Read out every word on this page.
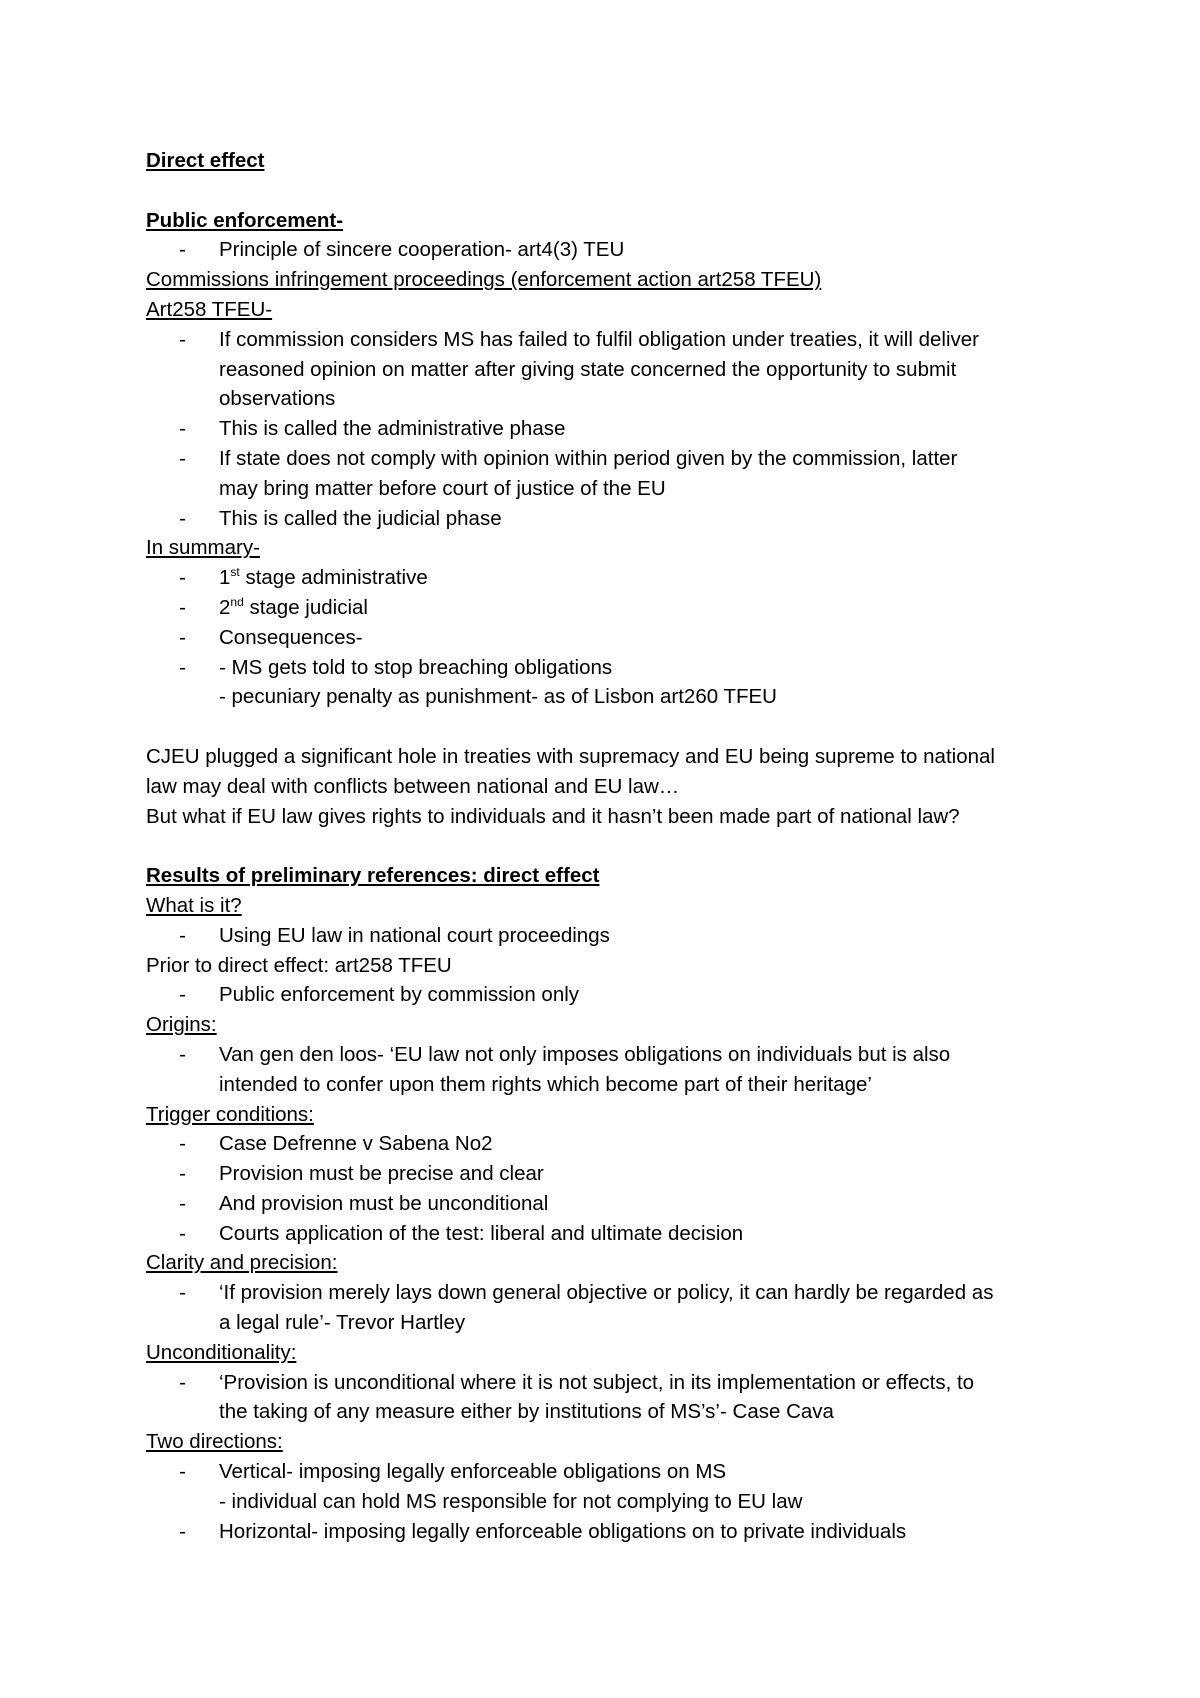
Direct effect
Public enforcement-
-	Principle of sincere cooperation- art4(3) TEU
Commissions infringement proceedings (enforcement action art258 TFEU)
Art258 TFEU-
-	If commission considers MS has failed to fulfil obligation under treaties, it will deliver
reasoned opinion on matter after giving state concerned the opportunity to submit
observations
-	This is called the administrative phase
-	If state does not comply with opinion within period given by the commission, latter
may bring matter before court of justice of the EU
-	This is called the judicial phase
In summary-
-	1st stage administrative
-	2nd stage judicial
-	Consequences-
-	- MS gets told to stop breaching obligations
- pecuniary penalty as punishment- as of Lisbon art260 TFEU
CJEU plugged a significant hole in treaties with supremacy and EU being supreme to national
law may deal with conflicts between national and EU law…
But what if EU law gives rights to individuals and it hasn’t been made part of national law?
Results of preliminary references: direct effect
What is it?
-	Using EU law in national court proceedings
Prior to direct effect: art258 TFEU
-	Public enforcement by commission only
Origins:
-	Van gen den loos- ‘EU law not only imposes obligations on individuals but is also
intended to confer upon them rights which become part of their heritage’
Trigger conditions:
-	Case Defrenne v Sabena No2
-	Provision must be precise and clear
-	And provision must be unconditional
-	Courts application of the test: liberal and ultimate decision
Clarity and precision:
-	‘If provision merely lays down general objective or policy, it can hardly be regarded as
a legal rule’- Trevor Hartley
Unconditionality:
-	‘Provision is unconditional where it is not subject, in its implementation or effects, to
the taking of any measure either by institutions of MS’s’- Case Cava
Two directions:
-	Vertical- imposing legally enforceable obligations on MS
- individual can hold MS responsible for not complying to EU law
-	Horizontal- imposing legally enforceable obligations on to private individuals
